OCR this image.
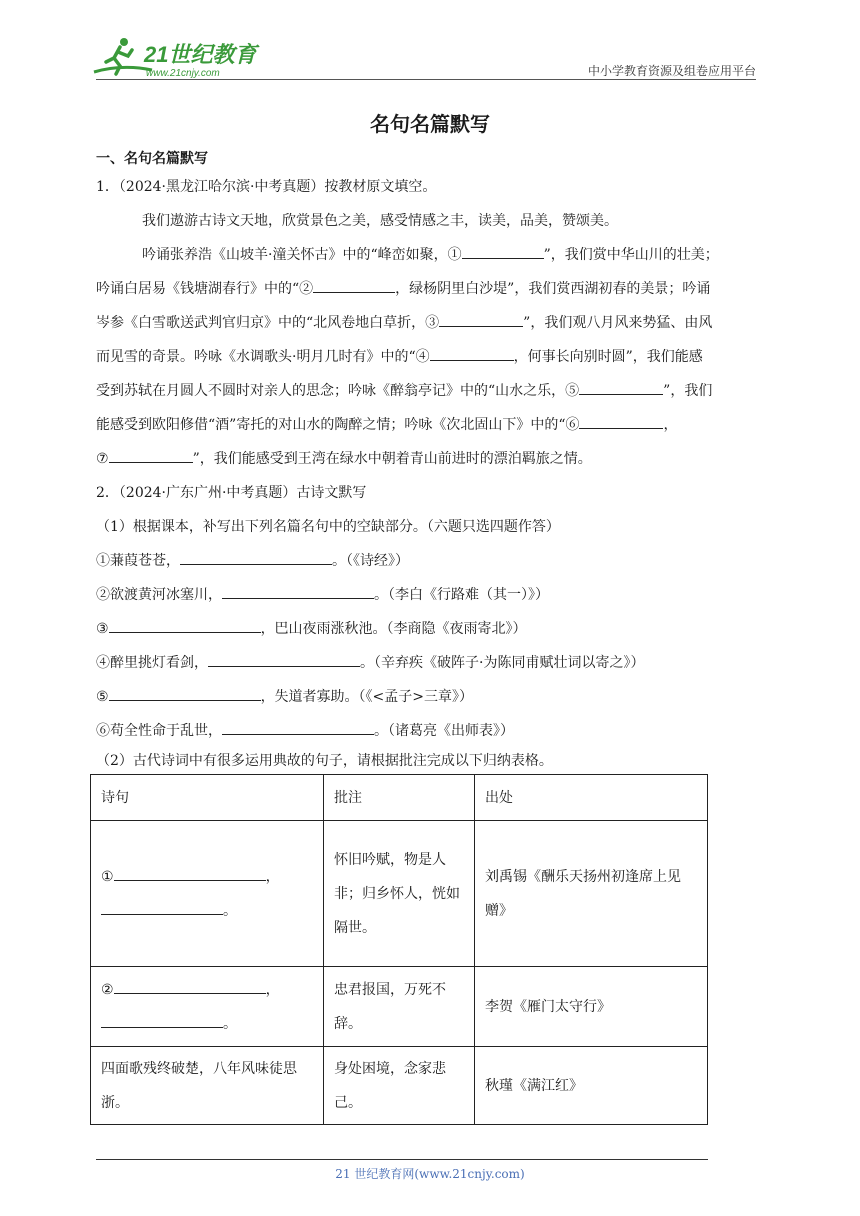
21世纪教育
www.21cnjy.com	中小学教育资源及组卷应用平台
名句名篇默写
一、名句名篇默写
1．（2024·黑龙江哈尔滨·中考真题）按教材原文填空。
我们遨游古诗文天地，欣赏景色之美，感受情感之丰，读美，品美，赞颂美。
吟诵张养浩《山坡羊·潼关怀古》中的“峰峦如聚，①	”，我们赏中华山川的壮美；
吟诵白居易《钱塘湖春行》中的“②	，绿杨阴里白沙堤”，我们赏西湖初春的美景；吟诵
岑参《白雪歌送武判官归京》中的“北风卷地白草折，③	”，我们观八月风来势猛、由风
而见雪的奇景。吟咏《水调歌头·明月几时有》中的“④	，何事长向别时圆”，我们能感
受到苏轼在月圆人不圆时对亲人的思念；吟咏《醉翁亭记》中的“山水之乐，⑤	”，我们
能感受到欧阳修借“酒”寄托的对山水的陶醉之情；吟咏《次北固山下》中的“⑥	，
⑦	”，我们能感受到王湾在绿水中朝着青山前进时的漂泊羁旅之情。
2．（2024·广东广州·中考真题）古诗文默写
（1）根据课本，补写出下列名篇名句中的空缺部分。（六题只选四题作答）
①蒹葭苍苍，	。（《诗经》）
②欲渡黄河冰塞川，	。（李白《行路难（其一）》）
③	，巴山夜雨涨秋池。（李商隐《夜雨寄北》）
④醉里挑灯看剑，	。（辛弃疾《破阵子·为陈同甫赋壮词以寄之》）
⑤	，失道者寡助。（《<孟子>三章》）
⑥苟全性命于乱世，	。（诸葛亮《出师表》）
（2）古代诗词中有很多运用典故的句子，请根据批注完成以下归纳表格。
诗句	批注	出处

① ，
。	怀旧吟赋，物是人非；归乡怀人，恍如隔世。	刘禹锡《酬乐天扬州初逢席上见赠》

② ，
。	忠君报国，万死不辞。	李贺《雁门太守行》
四面歌残终破楚，八年风味徒思浙。	身处困境，念家悲己。	秋瑾《满江红》
21 世纪教育网(www.21cnjy.com)
